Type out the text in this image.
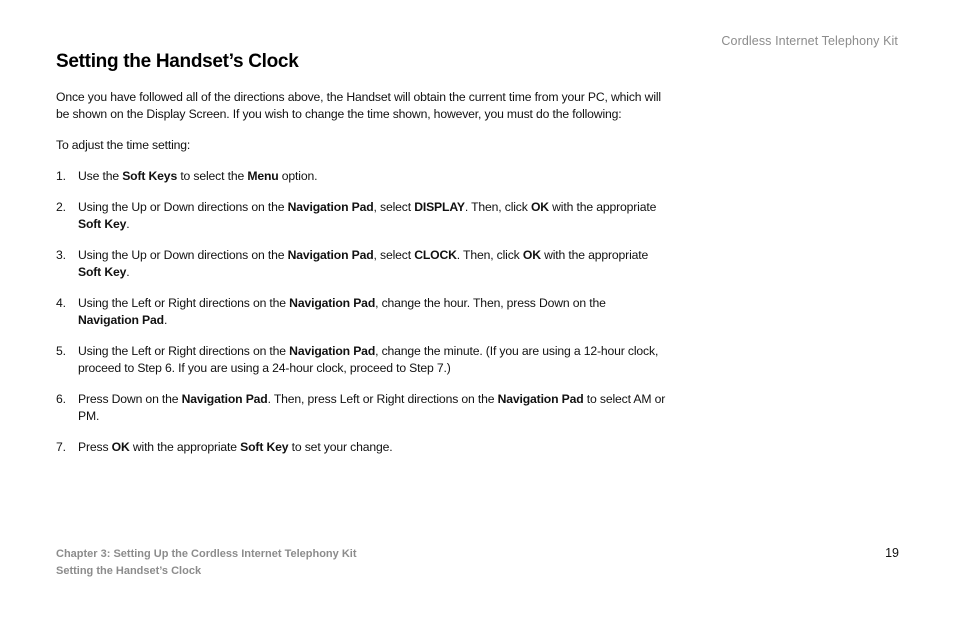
Cordless Internet Telephony Kit
Setting the Handset’s Clock

Once you have followed all of the directions above, the Handset will obtain the current time from your PC, which will be shown on the Display Screen. If you wish to change the time shown, however, you must do the following:

To adjust the time setting:

1. Use the Soft Keys to select the Menu option.
2. Using the Up or Down directions on the Navigation Pad, select DISPLAY. Then, click OK with the appropriate Soft Key.
3. Using the Up or Down directions on the Navigation Pad, select CLOCK. Then, click OK with the appropriate Soft Key.
4. Using the Left or Right directions on the Navigation Pad, change the hour. Then, press Down on the Navigation Pad.
5. Using the Left or Right directions on the Navigation Pad, change the minute. (If you are using a 12-hour clock, proceed to Step 6. If you are using a 24-hour clock, proceed to Step 7.)
6. Press Down on the Navigation Pad. Then, press Left or Right directions on the Navigation Pad to select AM or PM.
7. Press OK with the appropriate Soft Key to set your change.
Chapter 3: Setting Up the Cordless Internet Telephony Kit
Setting the Handset’s Clock
19
